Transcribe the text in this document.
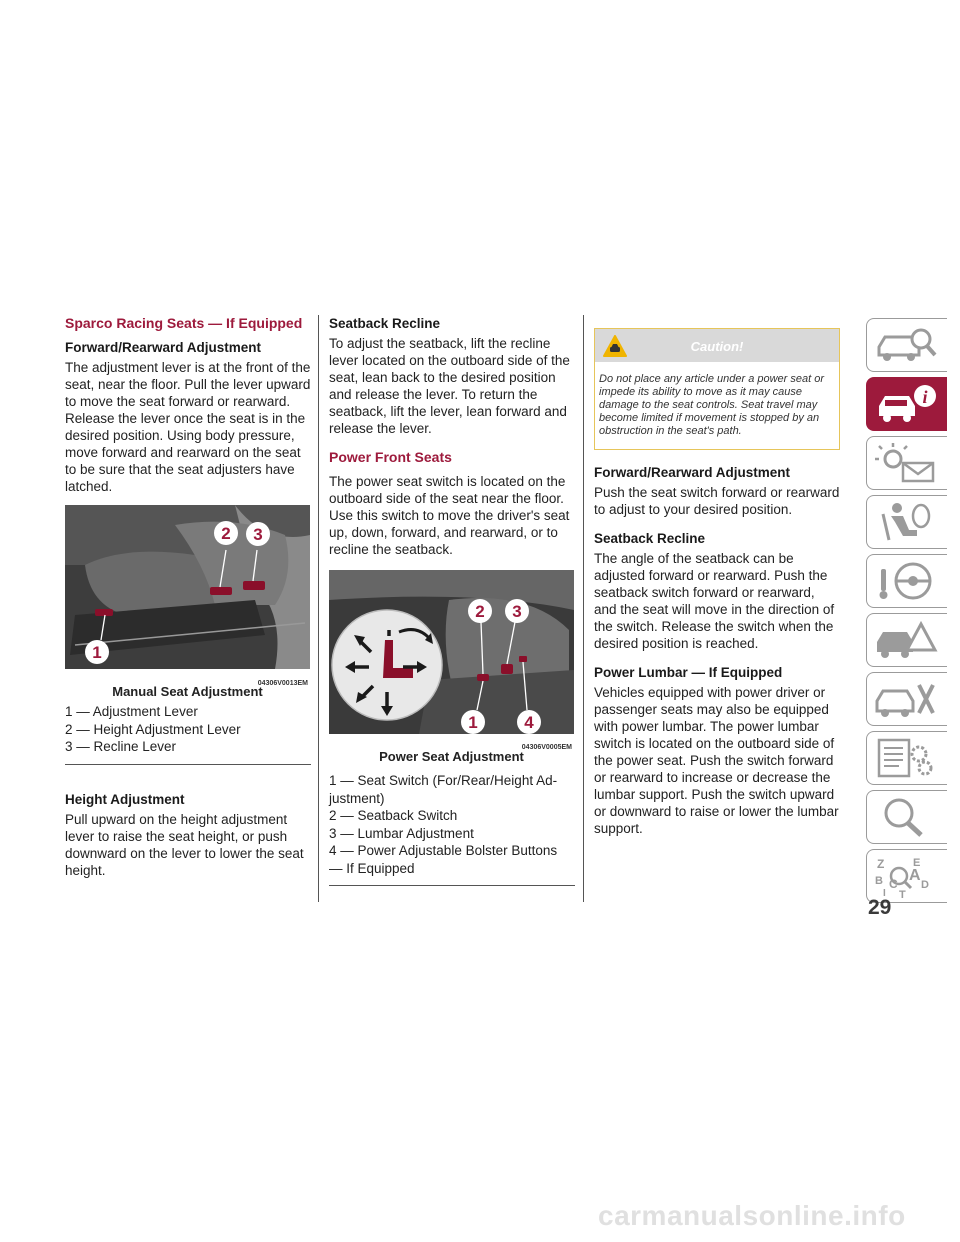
Sparco Racing Seats — If Equipped
Forward/Rearward Adjustment

The adjustment lever is at the front of the seat, near the floor. Pull the lever upward to move the seat forward or rearward. Release the lever once the seat is in the desired position. Using body pressure, move forward and rearward on the seat to be sure that the seat adjusters have latched.

2 3
1
04306V0013EM
Manual Seat Adjustment
1 — Adjustment Lever
2 — Height Adjustment Lever
3 — Recline Lever
Height Adjustment

Pull upward on the height adjustment lever to raise the seat height, or push downward on the lever to lower the seat height.

Seatback Recline

To adjust the seatback, lift the recline lever located on the outboard side of the seat, lean back to the desired position and release the lever. To return the seatback, lift the lever, lean forward and release the lever.

Power Front Seats

The power seat switch is located on the outboard side of the seat near the floor. Use this switch to move the driver's seat up, down, forward, and rearward, or to recline the seatback.

2 3
1	4
04306V0005EM
Power Seat Adjustment
1 — Seat Switch (For/Rear/Height Ad-
justment)
2 — Seatback Switch
3 — Lumbar Adjustment
4 — Power Adjustable Bolster Buttons
— If Equipped
Caution!
Do not place any article under a power seat or impede its ability to move as it may cause damage to the seat controls. Seat travel may become limited if movement is stopped by an obstruction in the seat's path.
Forward/Rearward Adjustment

Push the seat switch forward or rearward to adjust to your desired position.

Seatback Recline

The angle of the seatback can be adjusted forward or rearward. Push the seatback switch forward or rearward, and the seat will move in the direction of the switch. Release the switch when the desired position is reached.

Power Lumbar — If Equipped

Vehicles equipped with power driver or passenger seats may also be equipped with power lumbar. The power lumbar switch is located on the outboard side of the power seat. Push the switch forward or rearward to increase or decrease the lumbar support. Push the switch upward or downward to raise or lower the lumbar support.

i
Z	E
A
B C D
I T
29
carmanualsonline.info
